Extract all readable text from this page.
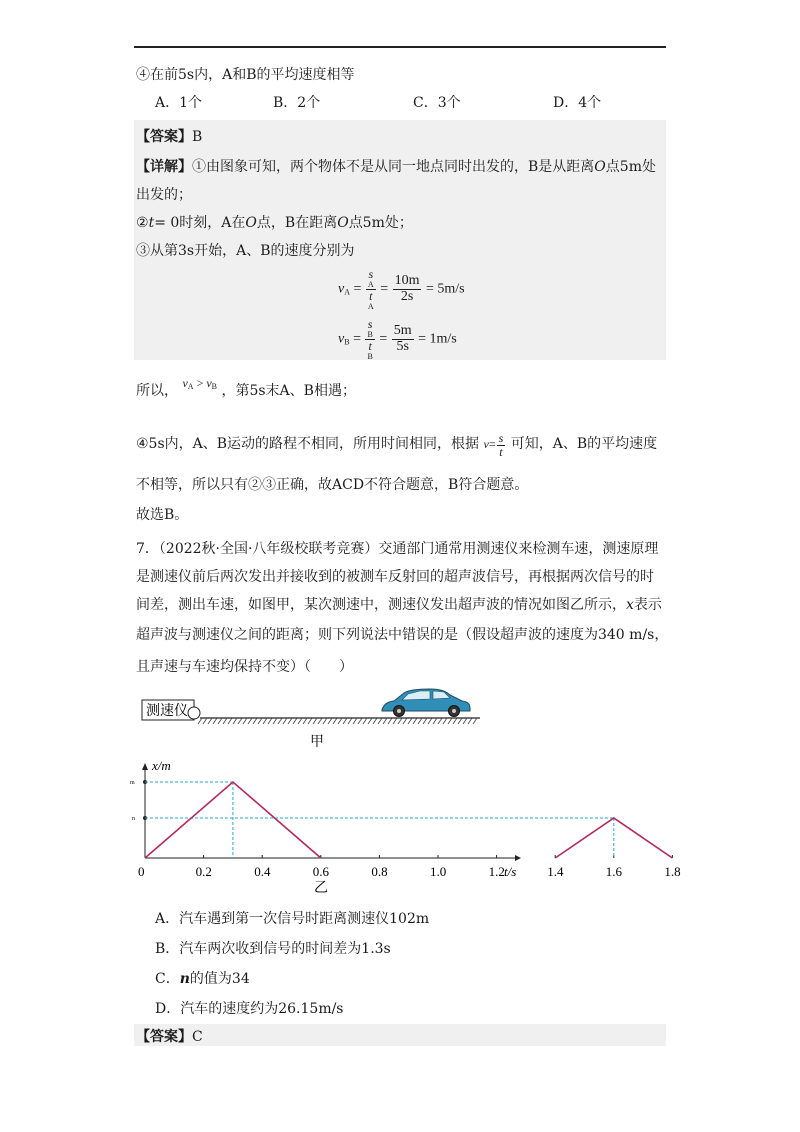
④在前5s内，A和B的平均速度相等
A．1个	B．2个	C．3个	D．4个
【答案】B
【详解】①由图象可知，两个物体不是从同一地点同时出发的，B是从距离O点5m处
出发的；
②t= 0时刻，A在O点，B在距离O点5m处；
③从第3s开始，A、B的速度分别为
$v_A = s$
A
t
$A = \frac{10m}{2s} = 5m/s$
$v_B = s$
B
t
$B = \frac{5m}{5s} = 1m/s$
所以， $v_A > v_B$ ，第5s末A、B相遇；
④5s内，A、B运动的路程不相同，所用时间相同，根据 $v= \frac{s}{t}$ 可知，A、B的平均速度
不相等，所以只有②③正确，故ACD不符合题意，B符合题意。
故选B。
7．（2022秋·全国·八年级校联考竞赛）交通部门通常用测速仪来检测车速，测速原理
是测速仪前后两次发出并接收到的被测车反射回的超声波信号，再根据两次信号的时
间差，测出车速，如图甲，某次测速中，测速仪发出超声波的情况如图乙所示，x表示
超声波与测速仪之间的距离；则下列说法中错误的是（假设超声波的速度为340 m/s，
且声速与车速均保持不变）（　　）
测速仪
甲
x/m
t/s
0
m
n
0.2	0.4	0.6	0.8	1.0	1.2	1.4	1.6	1.8
乙
A．汽车遇到第一次信号时距离测速仪102m
B．汽车两次收到信号的时间差为1.3s
C．n的值为34
D．汽车的速度约为26.15m/s
【答案】C
